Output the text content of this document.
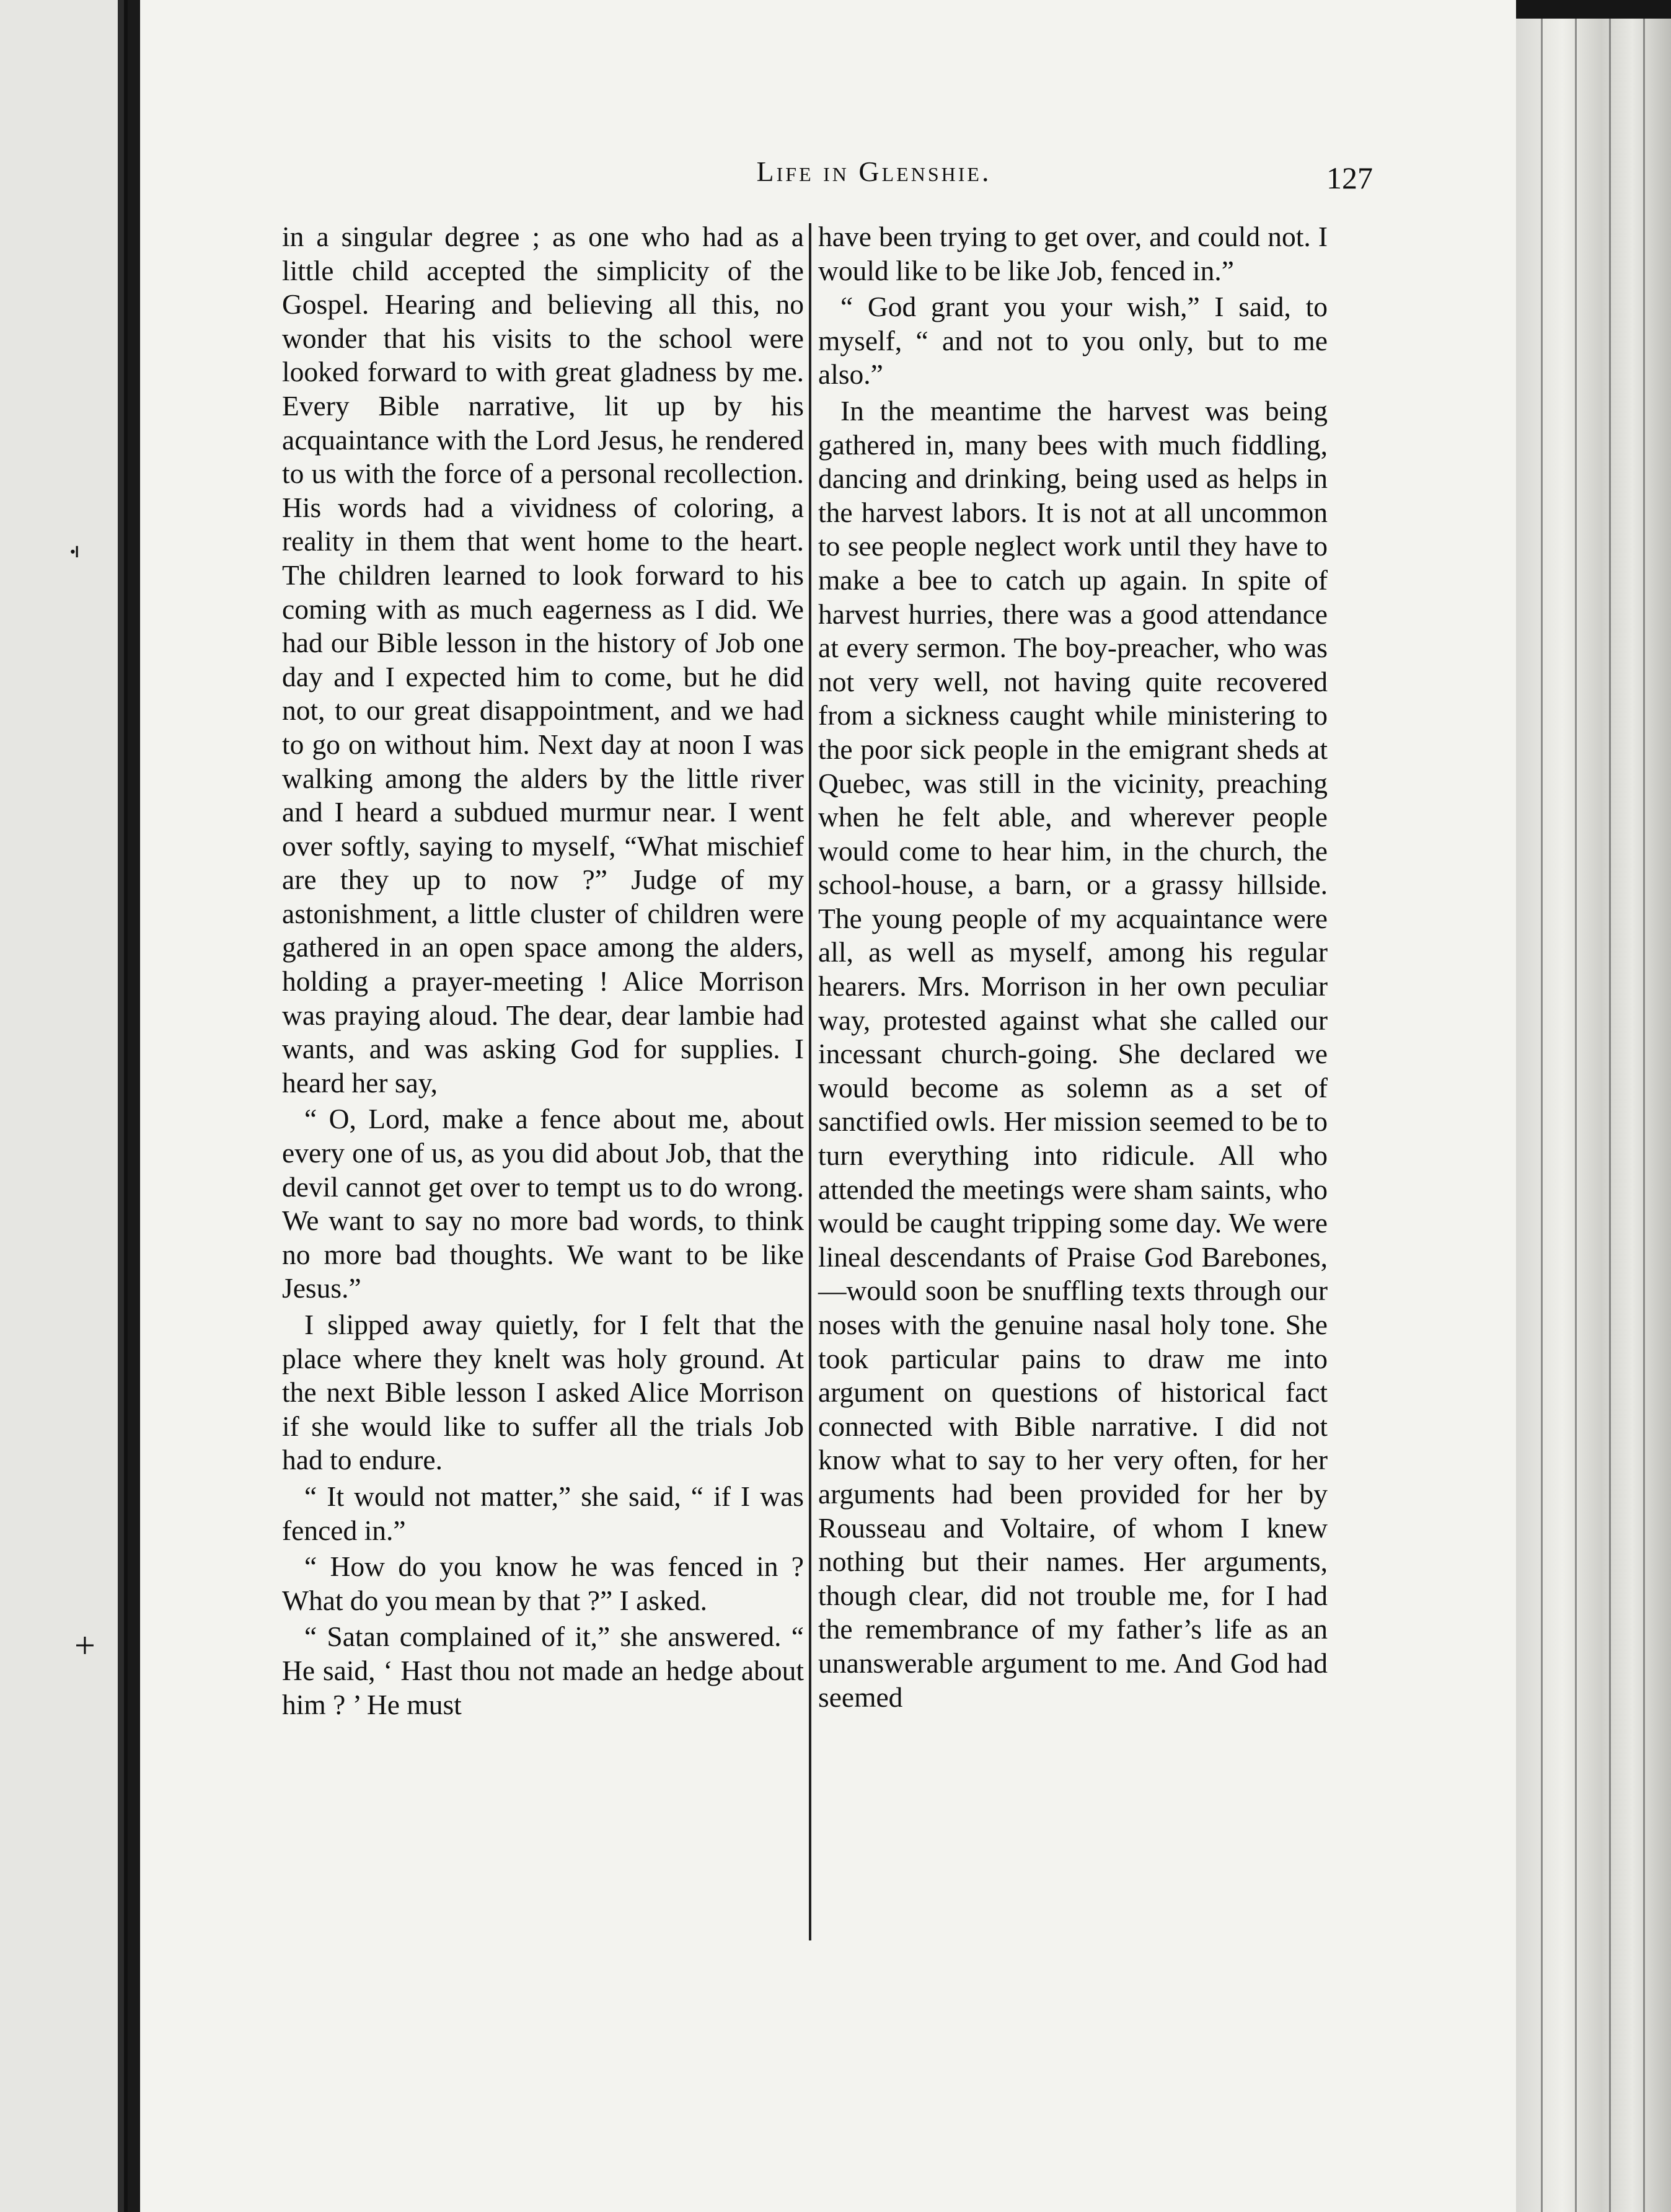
+
Life in Glenshie.	127

in a singular degree ; as one who had as a little child accepted the simplicity of the Gospel. Hearing and believing all this, no wonder that his visits to the school were looked forward to with great gladness by me. Every Bible narrative, lit up by his acquaintance with the Lord Jesus, he rendered to us with the force of a personal recollection. His words had a vividness of coloring, a reality in them that went home to the heart. The children learned to look forward to his coming with as much eagerness as I did. We had our Bible lesson in the history of Job one day and I expected him to come, but he did not, to our great disappointment, and we had to go on without him. Next day at noon I was walking among the alders by the little river and I heard a subdued murmur near. I went over softly, saying to myself, “What mischief are they up to now ?” Judge of my astonishment, a little cluster of children were gathered in an open space among the alders, holding a prayer-meeting ! Alice Morrison was praying aloud. The dear, dear lambie had wants, and was asking God for supplies. I heard her say,

“ O, Lord, make a fence about me, about every one of us, as you did about Job, that the devil cannot get over to tempt us to do wrong. We want to say no more bad words, to think no more bad thoughts. We want to be like Jesus.”

I slipped away quietly, for I felt that the place where they knelt was holy ground. At the next Bible lesson I asked Alice Morrison if she would like to suffer all the trials Job had to endure.

“ It would not matter,” she said, “ if I was fenced in.”

“ How do you know he was fenced in ? What do you mean by that ?” I asked.

“ Satan complained of it,” she answered. “ He said, ‘ Hast thou not made an hedge about him ? ’ He must

have been trying to get over, and could not. I would like to be like Job, fenced in.”

“ God grant you your wish,” I said, to myself, “ and not to you only, but to me also.”

In the meantime the harvest was being gathered in, many bees with much fiddling, dancing and drinking, being used as helps in the harvest labors. It is not at all uncommon to see people neglect work until they have to make a bee to catch up again. In spite of harvest hurries, there was a good attendance at every sermon. The boy-preacher, who was not very well, not having quite recovered from a sickness caught while ministering to the poor sick people in the emigrant sheds at Quebec, was still in the vicinity, preaching when he felt able, and wherever people would come to hear him, in the church, the school-house, a barn, or a grassy hillside. The young people of my acquaintance were all, as well as myself, among his regular hearers. Mrs. Morrison in her own peculiar way, protested against what she called our incessant church-going. She declared we would become as solemn as a set of sanctified owls. Her mission seemed to be to turn everything into ridicule. All who attended the meetings were sham saints, who would be caught tripping some day. We were lineal descendants of Praise God Barebones,—would soon be snuffling texts through our noses with the genuine nasal holy tone. She took particular pains to draw me into argument on questions of historical fact connected with Bible narrative. I did not know what to say to her very often, for her arguments had been provided for her by Rousseau and Voltaire, of whom I knew nothing but their names. Her arguments, though clear, did not trouble me, for I had the remembrance of my father’s life as an unanswerable argument to me. And God had seemed
